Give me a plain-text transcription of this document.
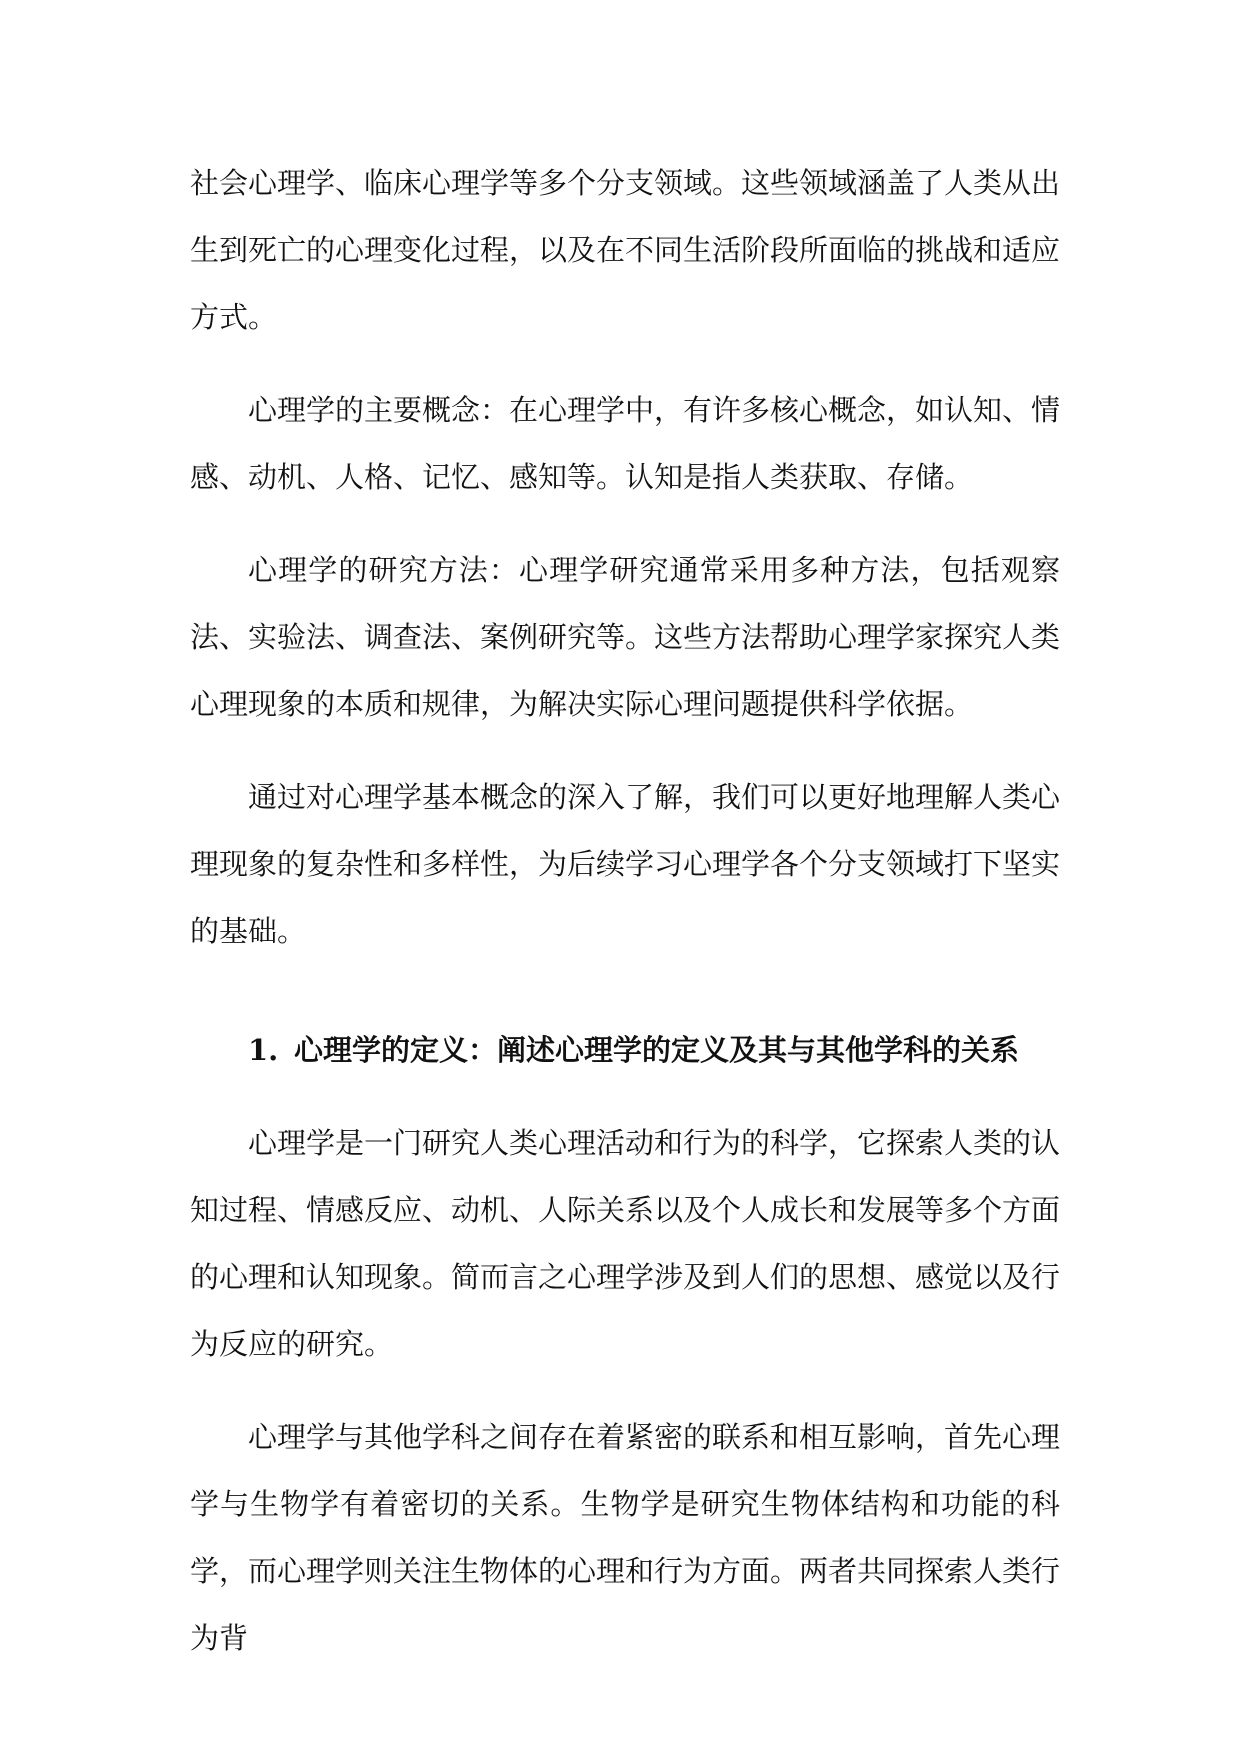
社会心理学、临床心理学等多个分支领域。这些领域涵盖了人类从出生到死亡的心理变化过程，以及在不同生活阶段所面临的挑战和适应方式。

心理学的主要概念：在心理学中，有许多核心概念，如认知、情感、动机、人格、记忆、感知等。认知是指人类获取、存储。

心理学的研究方法：心理学研究通常采用多种方法，包括观察法、实验法、调查法、案例研究等。这些方法帮助心理学家探究人类心理现象的本质和规律，为解决实际心理问题提供科学依据。

通过对心理学基本概念的深入了解，我们可以更好地理解人类心理现象的复杂性和多样性，为后续学习心理学各个分支领域打下坚实的基础。

1. 心理学的定义：阐述心理学的定义及其与其他学科的关系

心理学是一门研究人类心理活动和行为的科学，它探索人类的认知过程、情感反应、动机、人际关系以及个人成长和发展等多个方面的心理和认知现象。简而言之心理学涉及到人们的思想、感觉以及行为反应的研究。

心理学与其他学科之间存在着紧密的联系和相互影响，首先心理学与生物学有着密切的关系。生物学是研究生物体结构和功能的科学，而心理学则关注生物体的心理和行为方面。两者共同探索人类行为背
